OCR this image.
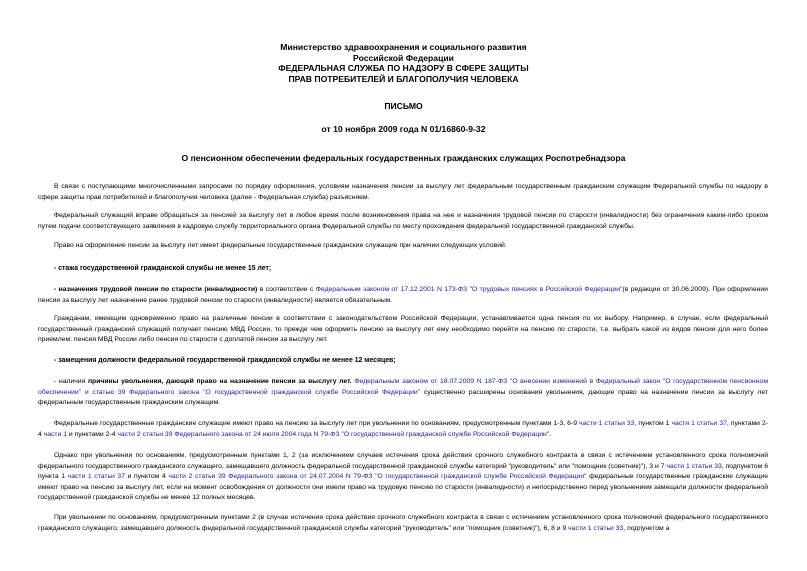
Министерство здравоохранения и социального развития
Российской Федерации
ФЕДЕРАЛЬНАЯ СЛУЖБА ПО НАДЗОРУ В СФЕРЕ ЗАЩИТЫ
ПРАВ ПОТРЕБИТЕЛЕЙ И БЛАГОПОЛУЧИЯ ЧЕЛОВЕКА
ПИСЬМО
от 10 ноября 2009 года N 01/16860-9-32
О пенсионном обеспечении федеральных государственных гражданских служащих Роспотребнадзора
В связи с поступающими многочисленными запросами по порядку оформления, условиям назначения пенсии за выслугу лет федеральным государственным гражданским служащим Федеральной службы по надзору в сфере защиты прав потребителей и благополучия человека (далее - Федеральная служба) разъясняем.
Федеральный служащий вправе обращаться за пенсией за выслугу лет в любое время после возникновения права на нее и назначения трудовой пенсии по старости (инвалидности) без ограничения каким-либо сроком путем подачи соответствующего заявления в кадровую службу территориального органа Федеральной службы по месту прохождения федеральной государственной гражданской службы.
Право на оформление пенсии за выслугу лет имеет федеральные государственные гражданские служащие при наличии следующих условий:
- стажа государственной гражданской службы не менее 15 лет;
- назначения трудовой пенсии по старости (инвалидности) в соответствии с Федеральным законом от 17.12.2001 N 173-ФЗ "О трудовых пенсиях в Российской Федерации"(в редакции от 30.06.2009). При оформлении пенсии за выслугу лет назначение ранее трудовой пенсии по старости (инвалидности) является обязательным.
Гражданам, имеющим одновременно право на различные пенсии в соответствии с законодательством Российской Федерации, устанавливается одна пенсия по их выбору. Например, в случае, если федеральный государственный гражданский служащий получает пенсию МВД России, то прежде чем оформить пенсию за выслугу лет ему необходимо перейти на пенсию по старости, т.е. выбрать какой из видов пенсии для него более приемлем: пенсия МВД России либо пенсия по старости с доплатой пенсии за выслугу лет.
- замещения должности федеральной государственной гражданской службы не менее 12 месяцев;
- наличия причины увольнения, дающей право на назначение пенсии за выслугу лет. Федеральным законом от 18.07.2009 N 187-ФЗ "О внесении изменений в Федеральный закон "О государственном пенсионном обеспечении" и статью 39 Федерального закона "О государственной гражданской службе Российской Федерации" существенно расширены основания увольнения, дающие право на назначение пенсии за выслугу лет федеральным государственным гражданским служащим.
Федеральные государственные гражданские служащие имеют право на пенсию за выслугу лет при увольнении по основаниям, предусмотренным пунктами 1-3, 6-9 части 1 статьи 33, пунктом 1 части 1 статьи 37, пунктами 2-4 части 1 и пунктами 2-4 части 2 статьи 39 Федерального закона от 24 июля 2004 года N 79-ФЗ "О государственной гражданской службе Российской Федерации".
Однако при увольнении по основаниям, предусмотренным пунктами 1, 2 (за исключением случаев истечения срока действия срочного служебного контракта в связи с истечением установленного срока полномочий федерального государственного гражданского служащего, замещавшего должность федеральной государственной гражданской службы категорий "руководитель" или "помощник (советник)"), 3 и 7 части 1 статьи 33, подпунктом 6 пункта 1 части 1 статьи 37 и пунктом 4 части 2 статьи 39 Федерального закона от 24.07.2004 N 79-ФЗ "О государственной гражданской службе Российской Федерации" федеральные государственные гражданские служащие имеют право на пенсию за выслугу лет, если на момент освобождения от должности они имели право на трудовую пенсию по старости (инвалидности) и непосредственно перед увольнением замещали должности федеральной государственной гражданской службы не менее 12 полных месяцев.
При увольнении по основаниям, предусмотренным пунктами 2 (в случае истечения срока действия срочного служебного контракта в связи с истечением установленного срока полномочий федерального государственного гражданского служащего, замещавшего должность федеральной государственной гражданской службы категорий "руководитель" или "помощник (советник)"), 6, 8 и 9 части 1 статьи 33, подпунктом а
